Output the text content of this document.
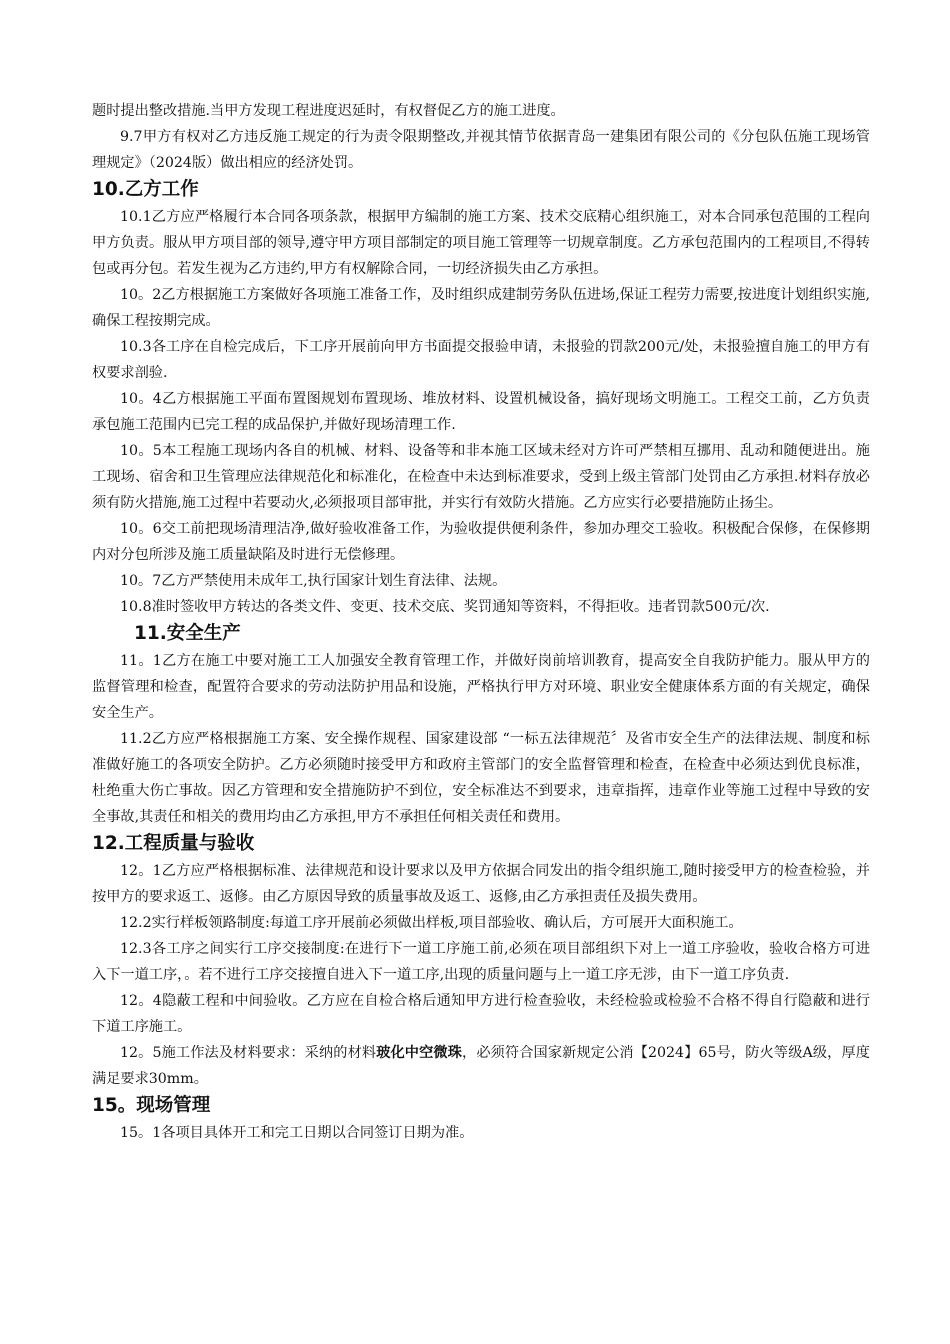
题时提出整改措施.当甲方发现工程进度迟延时，有权督促乙方的施工进度。

9.7甲方有权对乙方违反施工规定的行为责令限期整改,并视其情节依据青岛一建集团有限公司的《分包队伍施工现场管理规定》（2024版）做出相应的经济处罚。

10.乙方工作

10.1乙方应严格履行本合同各项条款，根据甲方编制的施工方案、技术交底精心组织施工，对本合同承包范围的工程向甲方负责。服从甲方项目部的领导,遵守甲方项目部制定的项目施工管理等一切规章制度。乙方承包范围内的工程项目,不得转包或再分包。若发生视为乙方违约,甲方有权解除合同，一切经济损失由乙方承担。

10。2乙方根据施工方案做好各项施工准备工作，及时组织成建制劳务队伍进场,保证工程劳力需要,按进度计划组织实施,确保工程按期完成。

10.3各工序在自检完成后，下工序开展前向甲方书面提交报验申请，未报验的罚款200元/处，未报验擅自施工的甲方有权要求剖验.

10。4乙方根据施工平面布置图规划布置现场、堆放材料、设置机械设备，搞好现场文明施工。工程交工前，乙方负责承包施工范围内已完工程的成品保护,并做好现场清理工作.

10。5本工程施工现场内各自的机械、材料、设备等和非本施工区域未经对方许可严禁相互挪用、乱动和随便进出。施工现场、宿舍和卫生管理应法律规范化和标准化，在检查中未达到标准要求，受到上级主管部门处罚由乙方承担.材料存放必须有防火措施,施工过程中若要动火,必须报项目部审批，并实行有效防火措施。乙方应实行必要措施防止扬尘。

10。6交工前把现场清理洁净,做好验收准备工作，为验收提供便利条件，参加办理交工验收。积极配合保修，在保修期内对分包所涉及施工质量缺陷及时进行无偿修理。

10。7乙方严禁使用未成年工,执行国家计划生育法律、法规。

10.8准时签收甲方转达的各类文件、变更、技术交底、奖罚通知等资料，不得拒收。违者罚款500元/次.

11.安全生产

11。1乙方在施工中要对施工工人加强安全教育管理工作，并做好岗前培训教育，提高安全自我防护能力。服从甲方的监督管理和检查，配置符合要求的劳动法防护用品和设施，严格执行甲方对环境、职业安全健康体系方面的有关规定，确保安全生产。

11.2乙方应严格根据施工方案、安全操作规程、国家建设部 “一标五法律规范〞及省市安全生产的法律法规、制度和标准做好施工的各项安全防护。乙方必须随时接受甲方和政府主管部门的安全监督管理和检查，在检查中必须达到优良标准，杜绝重大伤亡事故。因乙方管理和安全措施防护不到位，安全标准达不到要求，违章指挥，违章作业等施工过程中导致的安全事故,其责任和相关的费用均由乙方承担,甲方不承担任何相关责任和费用。

12.工程质量与验收

12。1乙方应严格根据标准、法律规范和设计要求以及甲方依据合同发出的指令组织施工,随时接受甲方的检查检验，并按甲方的要求返工、返修。由乙方原因导致的质量事故及返工、返修,由乙方承担责任及损失费用。

12.2实行样板领路制度:每道工序开展前必须做出样板,项目部验收、确认后，方可展开大面积施工。

12.3各工序之间实行工序交接制度:在进行下一道工序施工前,必须在项目部组织下对上一道工序验收，验收合格方可进入下一道工序，。若不进行工序交接擅自进入下一道工序,出现的质量问题与上一道工序无涉，由下一道工序负责.

12。4隐蔽工程和中间验收。乙方应在自检合格后通知甲方进行检查验收，未经检验或检验不合格不得自行隐蔽和进行下道工序施工。

12。5施工作法及材料要求：采纳的材料玻化中空微珠，必须符合国家新规定公消【2024】65号，防火等级A级，厚度满足要求30mm。

15。现场管理

15。1各项目具体开工和完工日期以合同签订日期为准。
